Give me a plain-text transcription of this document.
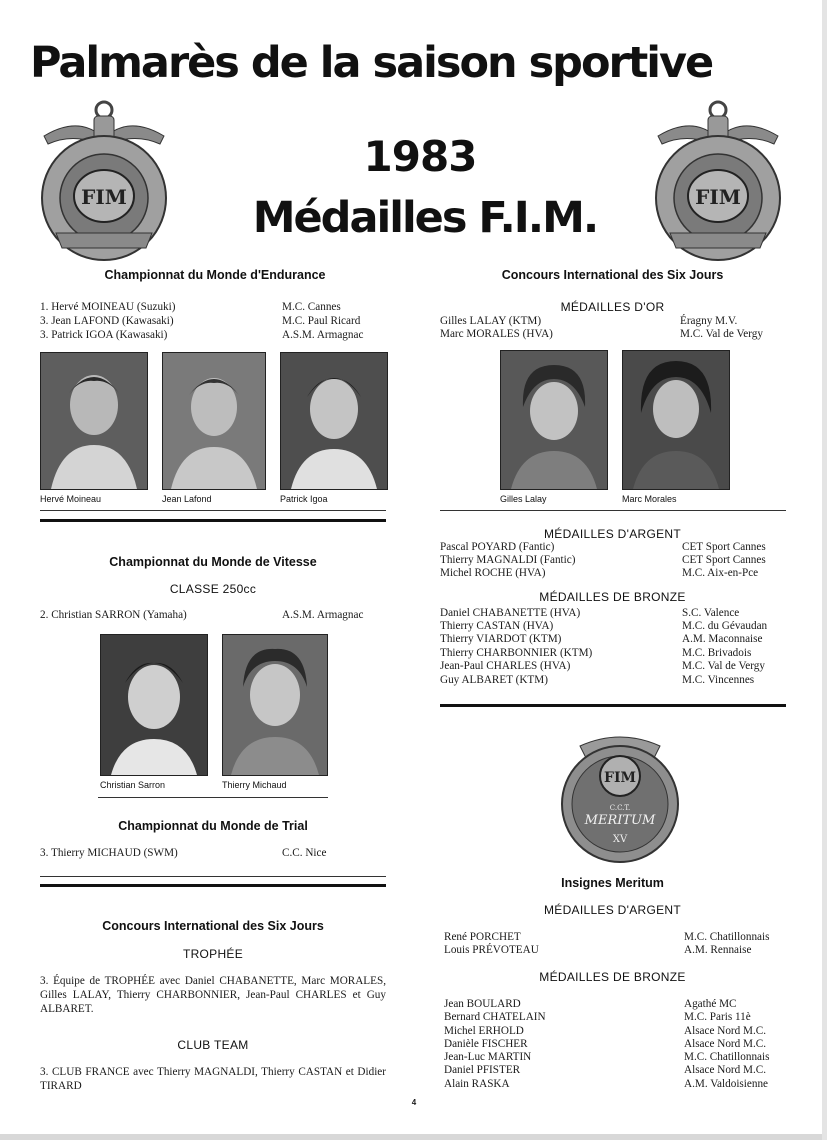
Palmarès de la saison sportive
1983
Médailles F.I.M.
FIM	FIM
Championnat du Monde d'Endurance
1. Hervé MOINEAU (Suzuki)	M.C. Cannes
3. Jean LAFOND (Kawasaki)	M.C. Paul Ricard
3. Patrick IGOA (Kawasaki)	A.S.M. Armagnac
Hervé Moineau	Jean Lafond	Patrick Igoa
Championnat du Monde de Vitesse
CLASSE 250cc
2. Christian SARRON (Yamaha)	A.S.M. Armagnac
Christian Sarron	Thierry Michaud
Championnat du Monde de Trial
3. Thierry MICHAUD (SWM)	C.C. Nice
Concours International des Six Jours
TROPHÉE
3. Équipe de TROPHÉE avec Daniel CHABANETTE, Marc MORALES, Gilles LALAY, Thierry CHARBONNIER, Jean-Paul CHARLES et Guy ALBARET.
CLUB TEAM
3. CLUB FRANCE avec Thierry MAGNALDI, Thierry CASTAN et Didier TIRARD
Concours International des Six Jours
MÉDAILLES D'OR
Gilles LALAY (KTM)	Éragny M.V.
Marc MORALES (HVA)	M.C. Val de Vergy
Gilles Lalay	Marc Morales
MÉDAILLES D'ARGENT
Pascal POYARD (Fantic)	CET Sport Cannes
Thierry MAGNALDI (Fantic)	CET Sport Cannes
Michel ROCHE (HVA)	M.C. Aix-en-Pce
MÉDAILLES DE BRONZE
Daniel CHABANETTE (HVA)	S.C. Valence
Thierry CASTAN (HVA)	M.C. du Gévaudan
Thierry VIARDOT (KTM)	A.M. Maconnaise
Thierry CHARBONNIER (KTM)	M.C. Brivadois
Jean-Paul CHARLES (HVA)	M.C. Val de Vergy
Guy ALBARET (KTM)	M.C. Vincennes
FIM
C.C.T.
MERITUM
XV
Insignes Meritum
MÉDAILLES D'ARGENT
René PORCHET	M.C. Chatillonnais
Louis PRÉVOTEAU	A.M. Rennaise
MÉDAILLES DE BRONZE
Jean BOULARD	Agathé MC
Bernard CHATELAIN	M.C. Paris 11è
Michel ERHOLD	Alsace Nord M.C.
Danièle FISCHER	Alsace Nord M.C.
Jean-Luc MARTIN	M.C. Chatillonnais
Daniel PFISTER	Alsace Nord M.C.
Alain RASKA	A.M. Valdoisienne
4
